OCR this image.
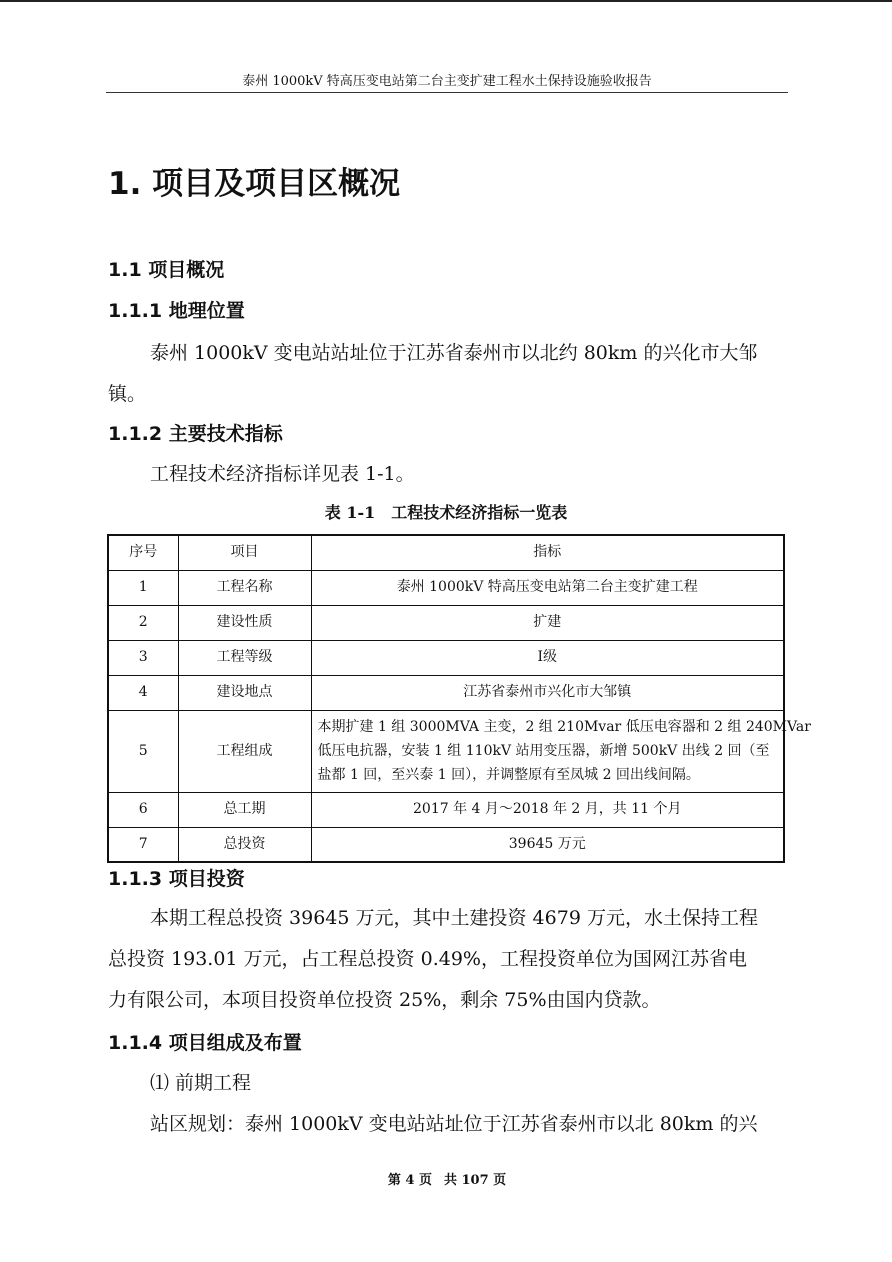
泰州 1000kV 特高压变电站第二台主变扩建工程水土保持设施验收报告
1. 项目及项目区概况
1.1 项目概况
1.1.1 地理位置
泰州 1000kV 变电站站址位于江苏省泰州市以北约 80km 的兴化市大邹
镇。
1.1.2 主要技术指标
工程技术经济指标详见表 1-1。
表 1-1　工程技术经济指标一览表
序号	项目	指标
1	工程名称	泰州 1000kV 特高压变电站第二台主变扩建工程
2	建设性质	扩建
3	工程等级	Ⅰ级
4	建设地点	江苏省泰州市兴化市大邹镇
5	工程组成	本期扩建 1 组 3000MVA 主变，2 组 210Mvar 低压电容器和 2 组 240MVar
低压电抗器，安装 1 组 110kV 站用变压器，新增 500kV 出线 2 回（至
盐都 1 回，至兴泰 1 回），并调整原有至凤城 2 回出线间隔。

6	总工期	2017 年 4 月～2018 年 2 月，共 11 个月
7	总投资	39645 万元
1.1.3 项目投资
本期工程总投资 39645 万元，其中土建投资 4679 万元，水土保持工程
总投资 193.01 万元，占工程总投资 0.49%，工程投资单位为国网江苏省电
力有限公司，本项目投资单位投资 25%，剩余 75%由国内贷款。
1.1.4 项目组成及布置
⑴ 前期工程
站区规划：泰州 1000kV 变电站站址位于江苏省泰州市以北 80km 的兴
第 4 页 共 107 页
